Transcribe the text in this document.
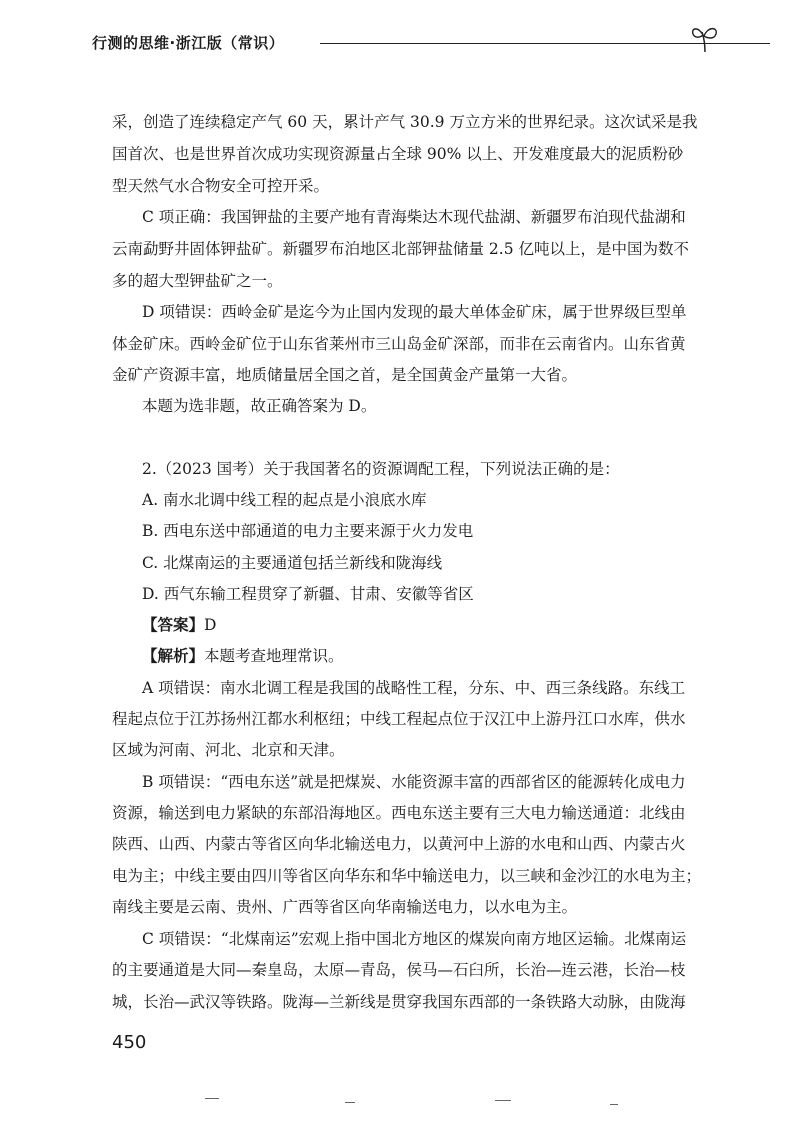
行测的思维·浙江版（常识）
采，创造了连续稳定产气 60 天，累计产气 30.9 万立方米的世界纪录。这次试采是我
国首次、也是世界首次成功实现资源量占全球 90% 以上、开发难度最大的泥质粉砂
型天然气水合物安全可控开采。
C 项正确：我国钾盐的主要产地有青海柴达木现代盐湖、新疆罗布泊现代盐湖和
云南勐野井固体钾盐矿。新疆罗布泊地区北部钾盐储量 2.5 亿吨以上，是中国为数不
多的超大型钾盐矿之一。
D 项错误：西岭金矿是迄今为止国内发现的最大单体金矿床，属于世界级巨型单
体金矿床。西岭金矿位于山东省莱州市三山岛金矿深部，而非在云南省内。山东省黄
金矿产资源丰富，地质储量居全国之首，是全国黄金产量第一大省。
本题为选非题，故正确答案为 D。
2.（2023 国考）关于我国著名的资源调配工程，下列说法正确的是：
A. 南水北调中线工程的起点是小浪底水库
B. 西电东送中部通道的电力主要来源于火力发电
C. 北煤南运的主要通道包括兰新线和陇海线
D. 西气东输工程贯穿了新疆、甘肃、安徽等省区
【答案】D
【解析】本题考查地理常识。
A 项错误：南水北调工程是我国的战略性工程，分东、中、西三条线路。东线工
程起点位于江苏扬州江都水利枢纽；中线工程起点位于汉江中上游丹江口水库，供水
区域为河南、河北、北京和天津。
B 项错误：“西电东送”就是把煤炭、水能资源丰富的西部省区的能源转化成电力
资源，输送到电力紧缺的东部沿海地区。西电东送主要有三大电力输送通道：北线由
陕西、山西、内蒙古等省区向华北输送电力，以黄河中上游的水电和山西、内蒙古火
电为主；中线主要由四川等省区向华东和华中输送电力，以三峡和金沙江的水电为主；
南线主要是云南、贵州、广西等省区向华南输送电力，以水电为主。
C 项错误：“北煤南运”宏观上指中国北方地区的煤炭向南方地区运输。北煤南运
的主要通道是大同—秦皇岛，太原—青岛，侯马—石臼所，长治—连云港，长治—枝
城，长治—武汉等铁路。陇海—兰新线是贯穿我国东西部的一条铁路大动脉，由陇海
450
